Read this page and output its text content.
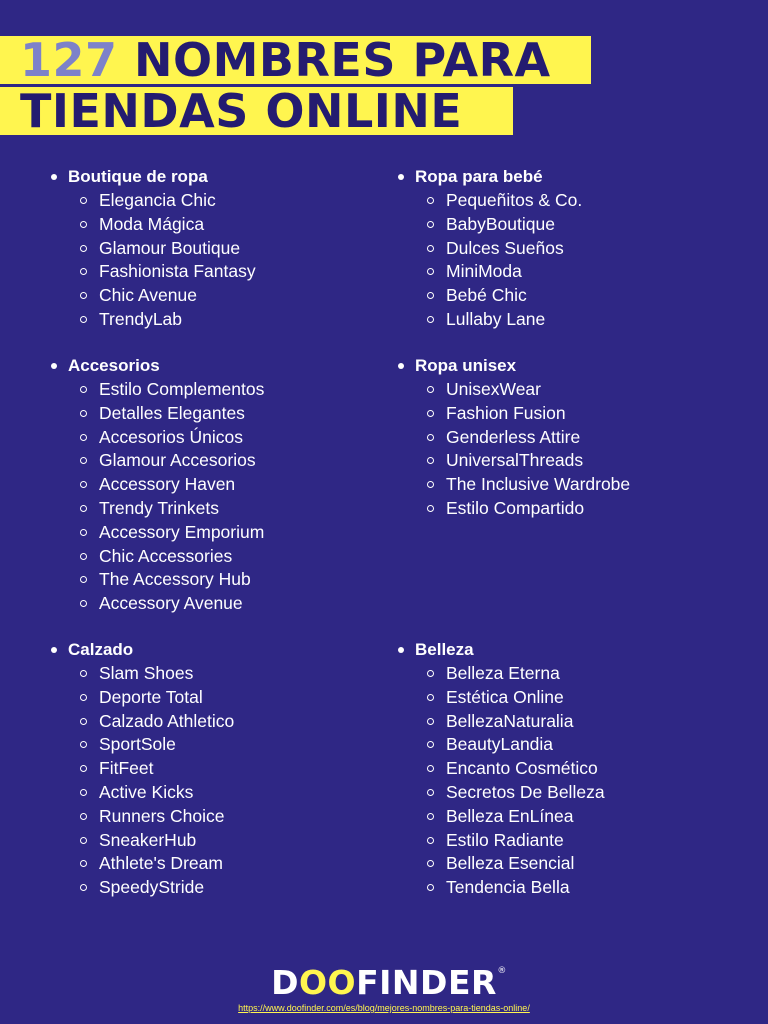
127 NOMBRES PARA
TIENDAS ONLINE
Boutique de ropa
Elegancia Chic
Moda Mágica
Glamour Boutique
Fashionista Fantasy
Chic Avenue
TrendyLab
Accesorios
Estilo Complementos
Detalles Elegantes
Accesorios Únicos
Glamour Accesorios
Accessory Haven
Trendy Trinkets
Accessory Emporium
Chic Accessories
The Accessory Hub
Accessory Avenue
Calzado
Slam Shoes
Deporte Total
Calzado Athletico
SportSole
FitFeet
Active Kicks
Runners Choice
SneakerHub
Athlete's Dream
SpeedyStride
Ropa para bebé
Pequeñitos & Co.
BabyBoutique
Dulces Sueños
MiniModa
Bebé Chic
Lullaby Lane
Ropa unisex
UnisexWear
Fashion Fusion
Genderless Attire
UniversalThreads
The Inclusive Wardrobe
Estilo Compartido
Belleza
Belleza Eterna
Estética Online
BellezaNaturalia
BeautyLandia
Encanto Cosmético
Secretos De Belleza
Belleza EnLínea
Estilo Radiante
Belleza Esencial
Tendencia Bella
DOOFINDER ®
https://www.doofinder.com/es/blog/mejores-nombres-para-tiendas-online/
